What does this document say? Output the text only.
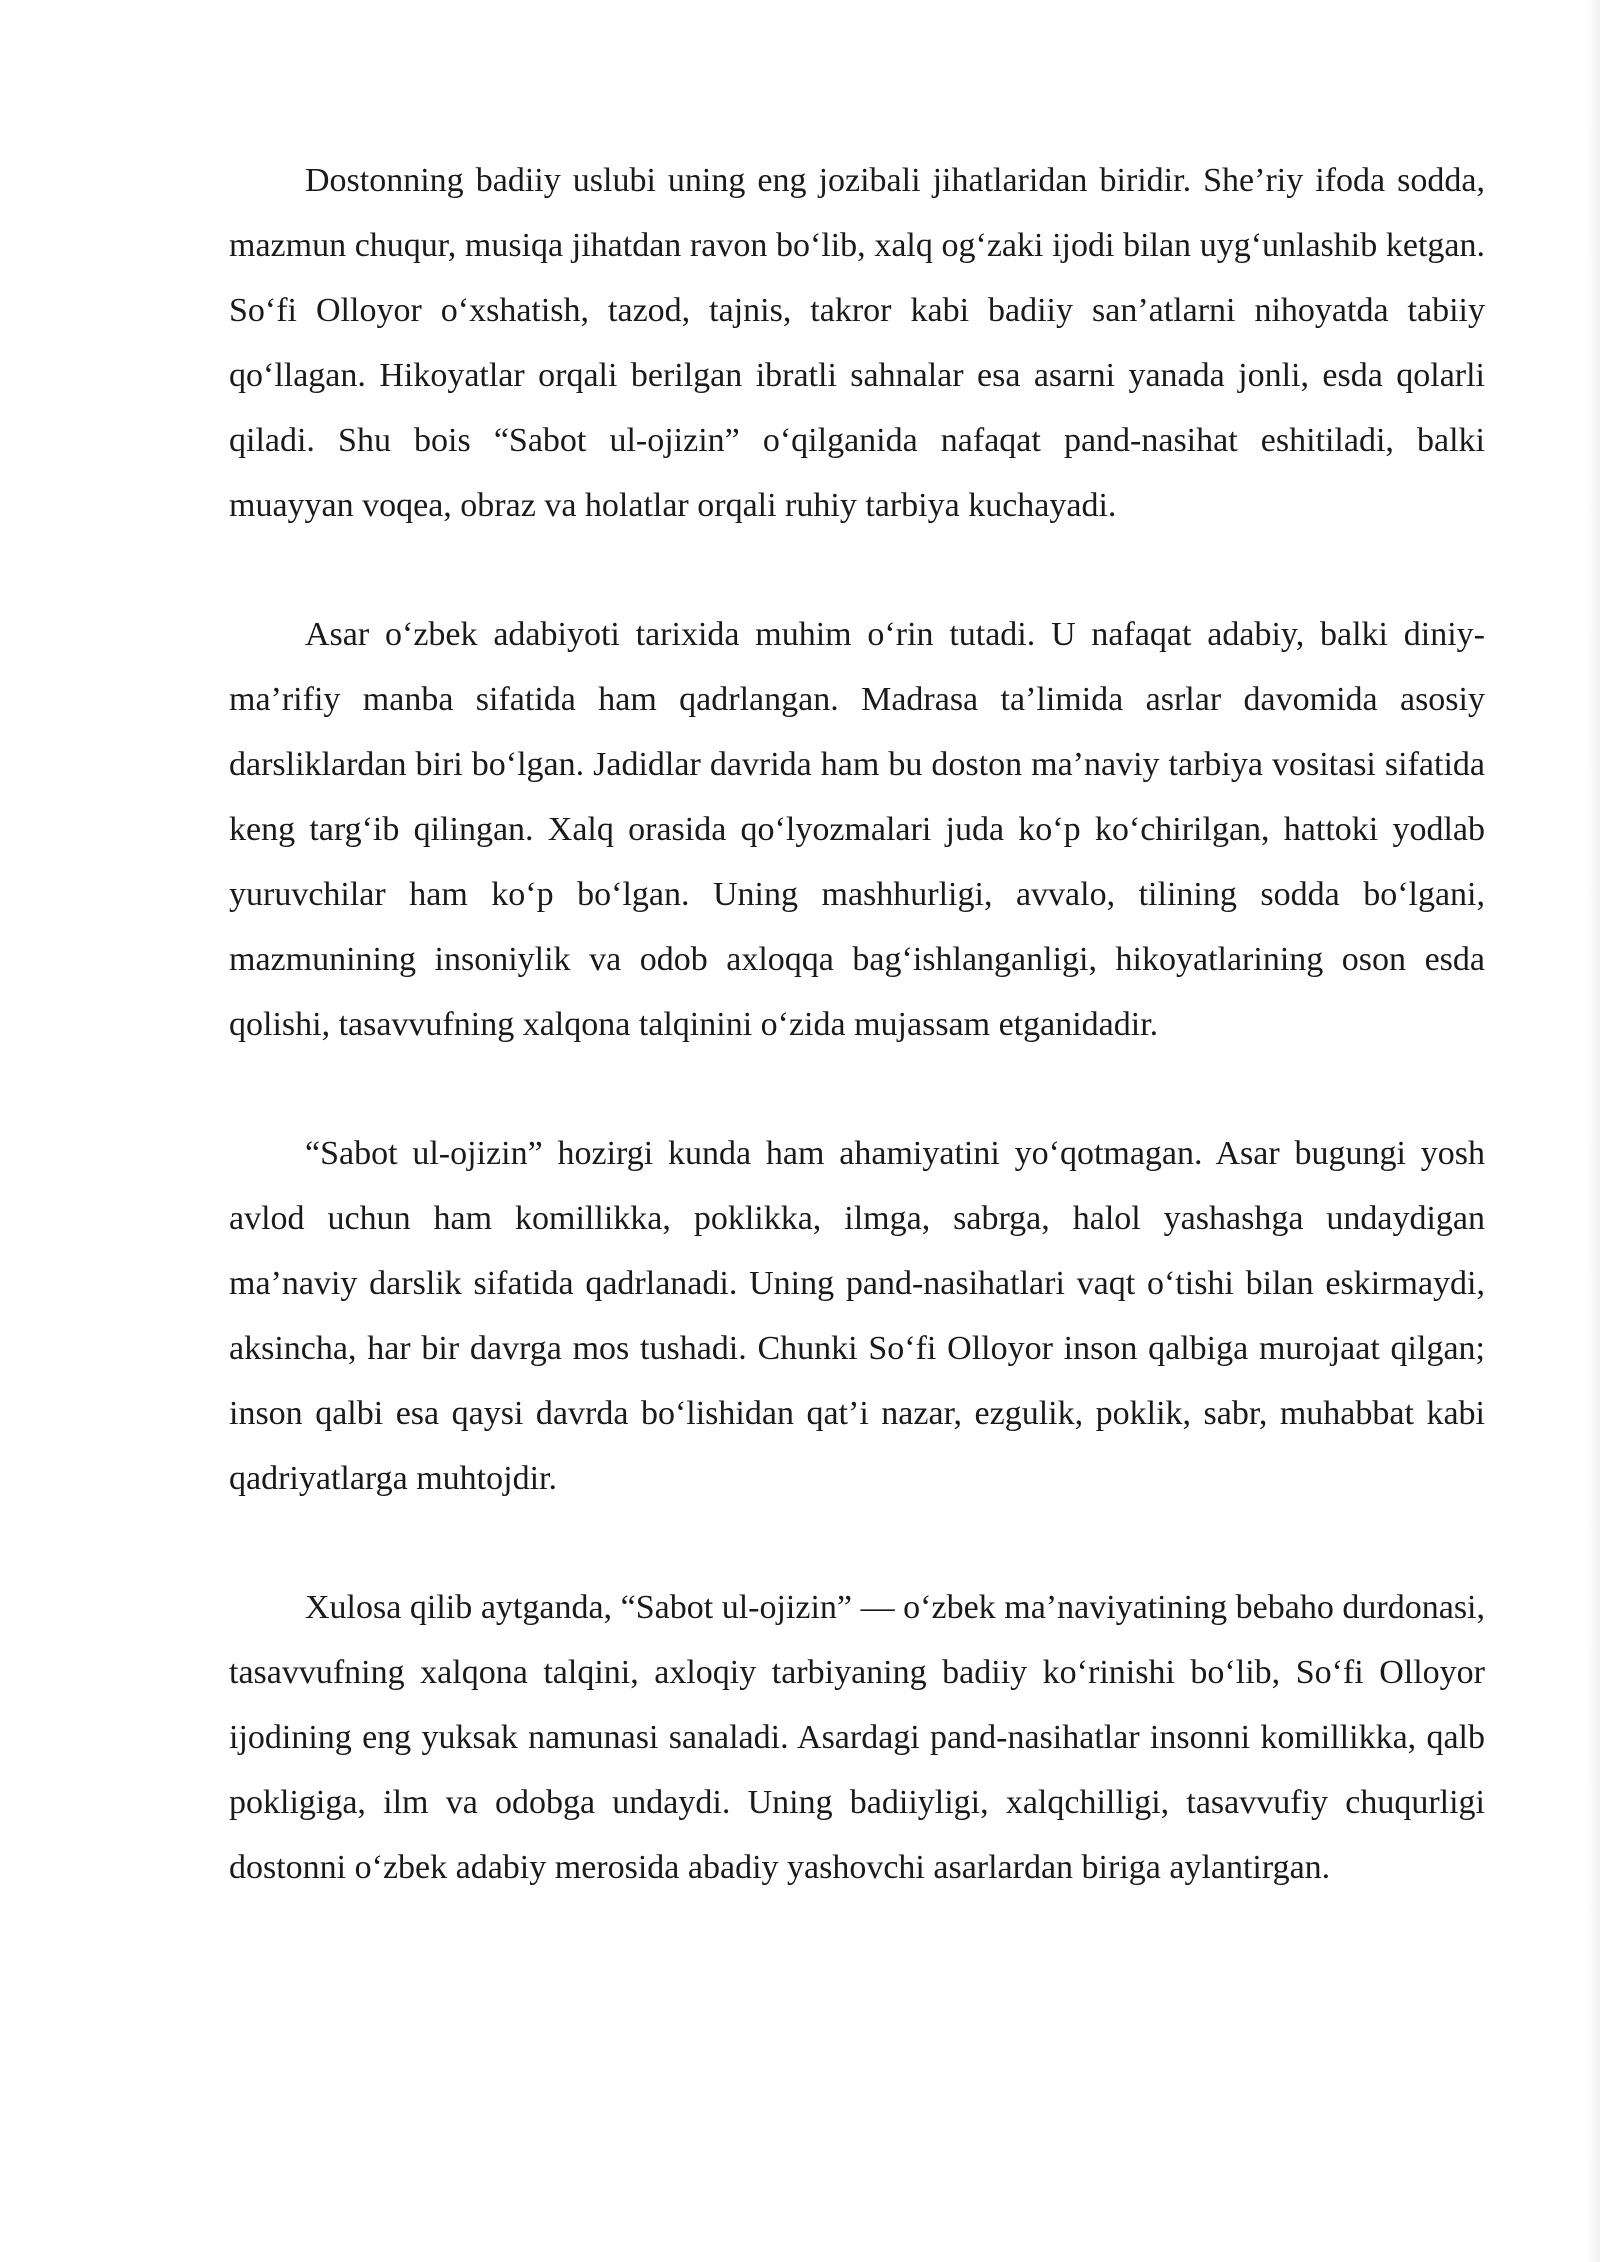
Dostonning badiiy uslubi uning eng jozibali jihatlaridan biridir. She’riy ifoda sodda, mazmun chuqur, musiqa jihatdan ravon bo‘lib, xalq og‘zaki ijodi bilan uyg‘unlashib ketgan. So‘fi Olloyor o‘xshatish, tazod, tajnis, takror kabi badiiy san’atlarni nihoyatda tabiiy qo‘llagan. Hikoyatlar orqali berilgan ibratli sahnalar esa asarni yanada jonli, esda qolarli qiladi. Shu bois “Sabot ul-ojizin” o‘qilganida nafaqat pand-nasihat eshitiladi, balki muayyan voqea, obraz va holatlar orqali ruhiy tarbiya kuchayadi.

Asar o‘zbek adabiyoti tarixida muhim o‘rin tutadi. U nafaqat adabiy, balki diniy-ma’rifiy manba sifatida ham qadrlangan. Madrasa ta’limida asrlar davomida asosiy darsliklardan biri bo‘lgan. Jadidlar davrida ham bu doston ma’naviy tarbiya vositasi sifatida keng targ‘ib qilingan. Xalq orasida qo‘lyozmalari juda ko‘p ko‘chirilgan, hattoki yodlab yuruvchilar ham ko‘p bo‘lgan. Uning mashhurligi, avvalo, tilining sodda bo‘lgani, mazmunining insoniylik va odob axloqqa bag‘ishlanganligi, hikoyatlarining oson esda qolishi, tasavvufning xalqona talqinini o‘zida mujassam etganidadir.

“Sabot ul-ojizin” hozirgi kunda ham ahamiyatini yo‘qotmagan. Asar bugungi yosh avlod uchun ham komillikka, poklikka, ilmga, sabrga, halol yashashga undaydigan ma’naviy darslik sifatida qadrlanadi. Uning pand-nasihatlari vaqt o‘tishi bilan eskirmaydi, aksincha, har bir davrga mos tushadi. Chunki So‘fi Olloyor inson qalbiga murojaat qilgan; inson qalbi esa qaysi davrda bo‘lishidan qat’i nazar, ezgulik, poklik, sabr, muhabbat kabi qadriyatlarga muhtojdir.

Xulosa qilib aytganda, “Sabot ul-ojizin” — o‘zbek ma’naviyatining bebaho durdonasi, tasavvufning xalqona talqini, axloqiy tarbiyaning badiiy ko‘rinishi bo‘lib, So‘fi Olloyor ijodining eng yuksak namunasi sanaladi. Asardagi pand-nasihatlar insonni komillikka, qalb pokligiga, ilm va odobga undaydi. Uning badiiyligi, xalqchilligi, tasavvufiy chuqurligi dostonni o‘zbek adabiy merosida abadiy yashovchi asarlardan biriga aylantirgan.
